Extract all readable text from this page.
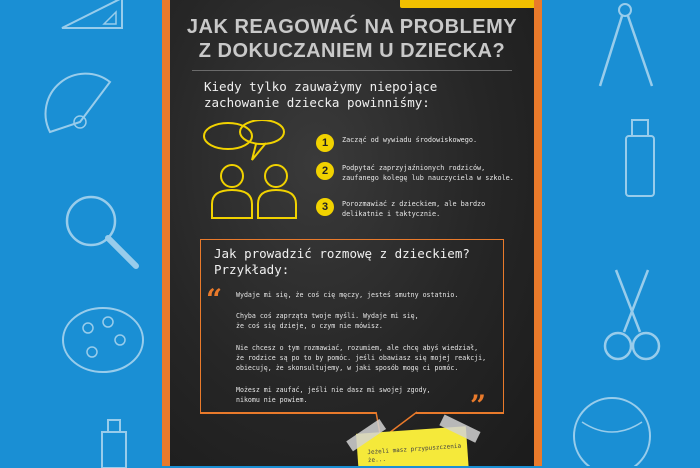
JAK REAGOWAĆ NA PROBLEMY
Z DOKUCZANIEM U DZIECKA?
Kiedy tylko zauważymy niepojące
zachowanie dziecka powinniśmy:
1	Zacząć od wywiadu środowiskowego.
2	Podpytać zaprzyjaźnionych rodziców,
zaufanego kolegę lub nauczyciela w szkole.
3	Porozmawiać z dzieckiem, ale bardzo
delikatnie i taktycznie.
Jak prowadzić rozmowę z dzieckiem?
Przykłady:
“ Wydaje mi się, że coś cię męczy, jesteś smutny ostatnio.
Chyba coś zaprząta twoje myśli. Wydaje mi się,
że coś się dzieje, o czym nie mówisz.
Nie chcesz o tym rozmawiać, rozumiem, ale chcę abyś wiedział,
że rodzice są po to by pomóc. jeśli obawiasz się mojej reakcji,
obiecuję, że skonsultujemy, w jaki sposób mogę ci pomóc.
Możesz mi zaufać, jeśli nie dasz mi swojej zgody,
nikomu nie powiem.	”
Jeżeli masz przypuszczenia
że...
